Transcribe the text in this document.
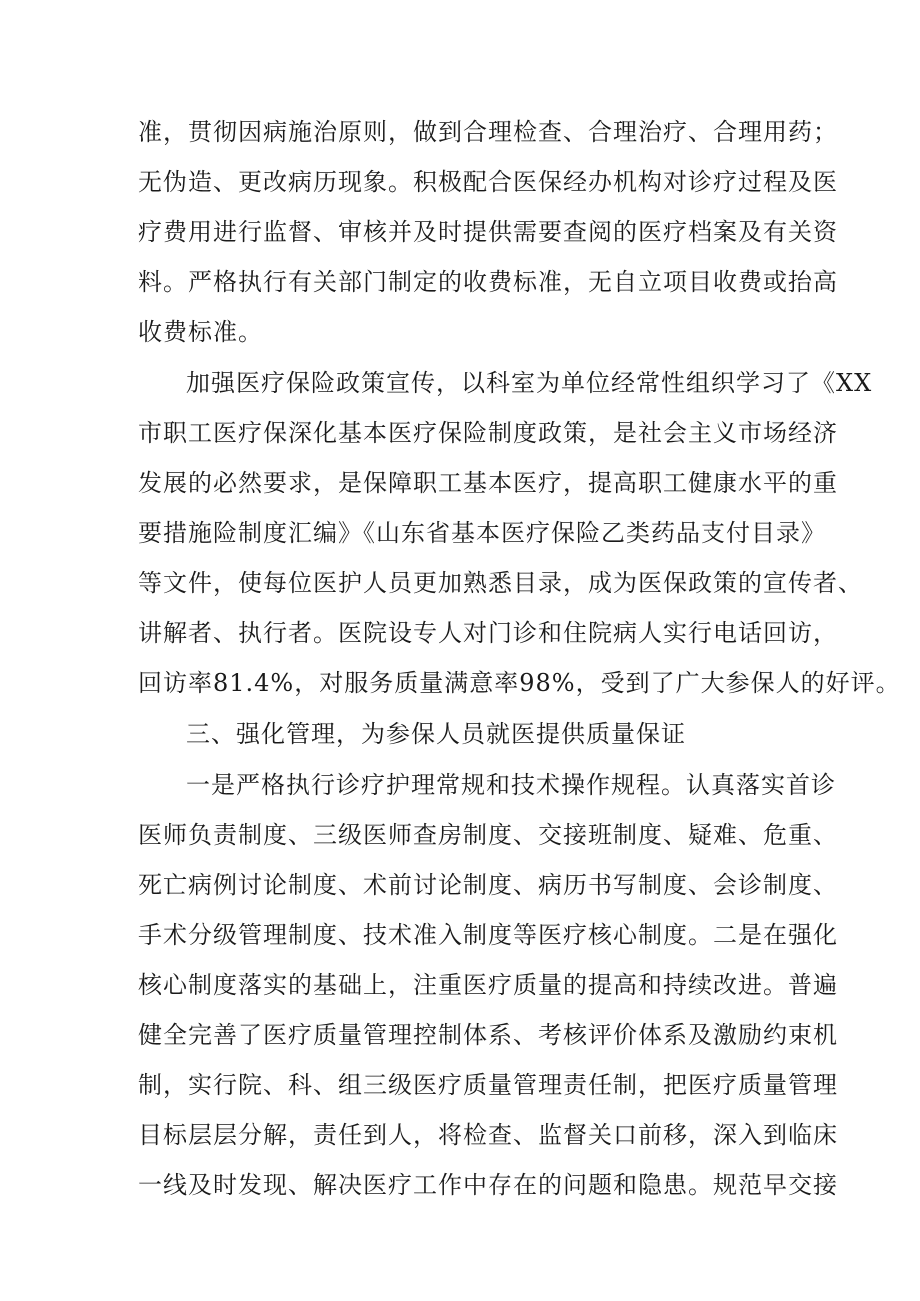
准，贯彻因病施治原则，做到合理检查、合理治疗、合理用药；
无伪造、更改病历现象。积极配合医保经办机构对诊疗过程及医
疗费用进行监督、审核并及时提供需要查阅的医疗档案及有关资
料。严格执行有关部门制定的收费标准，无自立项目收费或抬高
收费标准。
加强医疗保险政策宣传，以科室为单位经常性组织学习了《XX
市职工医疗保深化基本医疗保险制度政策，是社会主义市场经济
发展的必然要求，是保障职工基本医疗，提高职工健康水平的重
要措施险制度汇编》《山东省基本医疗保险乙类药品支付目录》
等文件，使每位医护人员更加熟悉目录，成为医保政策的宣传者、
讲解者、执行者。医院设专人对门诊和住院病人实行电话回访，
回访率81.4%，对服务质量满意率98%，受到了广大参保人的好评。
三、强化管理，为参保人员就医提供质量保证
一是严格执行诊疗护理常规和技术操作规程。认真落实首诊
医师负责制度、三级医师查房制度、交接班制度、疑难、危重、
死亡病例讨论制度、术前讨论制度、病历书写制度、会诊制度、
手术分级管理制度、技术准入制度等医疗核心制度。二是在强化
核心制度落实的基础上，注重医疗质量的提高和持续改进。普遍
健全完善了医疗质量管理控制体系、考核评价体系及激励约束机
制，实行院、科、组三级医疗质量管理责任制，把医疗质量管理
目标层层分解，责任到人，将检查、监督关口前移，深入到临床
一线及时发现、解决医疗工作中存在的问题和隐患。规范早交接
